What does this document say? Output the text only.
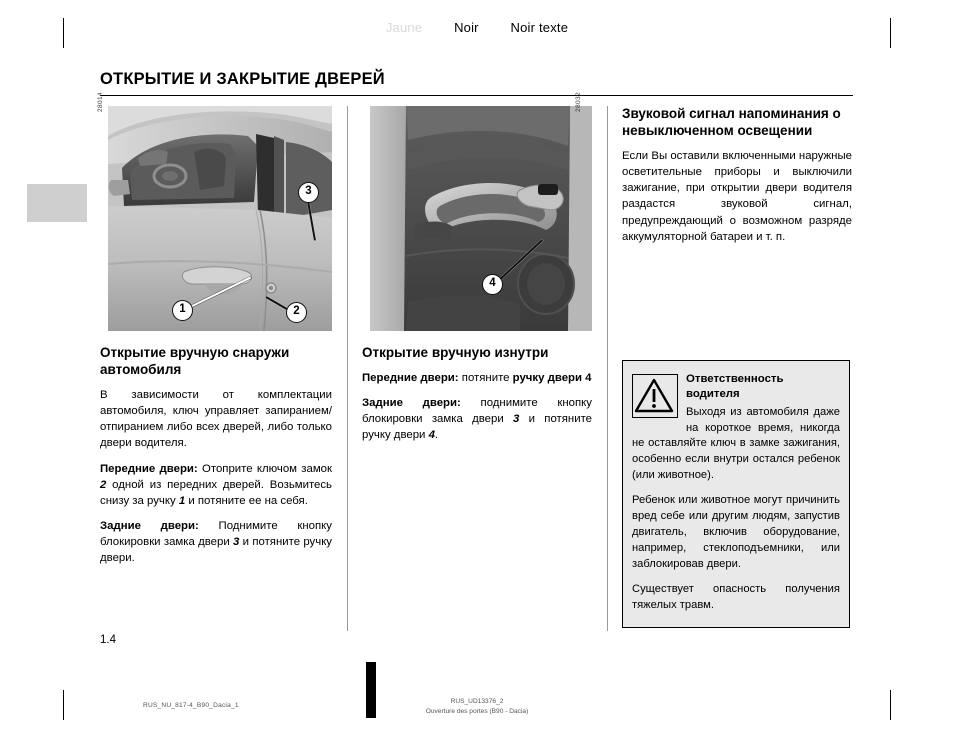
Jaune Noir Noir texte
ОТКРЫТИЕ И ЗАКРЫТИЕ ДВЕРЕЙ
28014
1	2
3
Открытие вручную снаружи автомобиля

В зависимости от комплектации автомобиля, ключ управляет запиранием/отпиранием либо всех дверей, либо только двери водителя.

Передние двери: Отоприте ключом замок 2 одной из передних дверей. Возьмитесь снизу за ручку 1 и потяните ее на себя.

Задние двери: Поднимите кнопку блокировки замка двери 3 и потяните ручку двери.

28032
4
Открытие вручную изнутри

Передние двери: потяните ручку двери 4

Задние двери: поднимите кнопку блокировки замка двери 3 и потяните ручку двери 4.

Звуковой сигнал напоминания о невыключенном освещении

Если Вы оставили включенными наружные осветительные приборы и выключили зажигание, при открытии двери водителя раздастся звуковой сигнал, предупреждающий о возможном разряде аккумуляторной батареи и т. п.

Ответственность водителя
Выходя из автомобиля даже на короткое время, никогда не оставляйте ключ в замке зажигания, особенно если внутри остался ребенок (или животное).
Ребенок или животное могут причинить вред себе или другим людям, запустив двигатель, включив оборудование, например, стеклоподъемники, или заблокировав двери.
Существует опасность получения тяжелых травм.
1.4
RUS_NU_817-4_B90_Dacia_1
RUS_UD13376_2
Ouverture des portes (B90 - Dacia)
